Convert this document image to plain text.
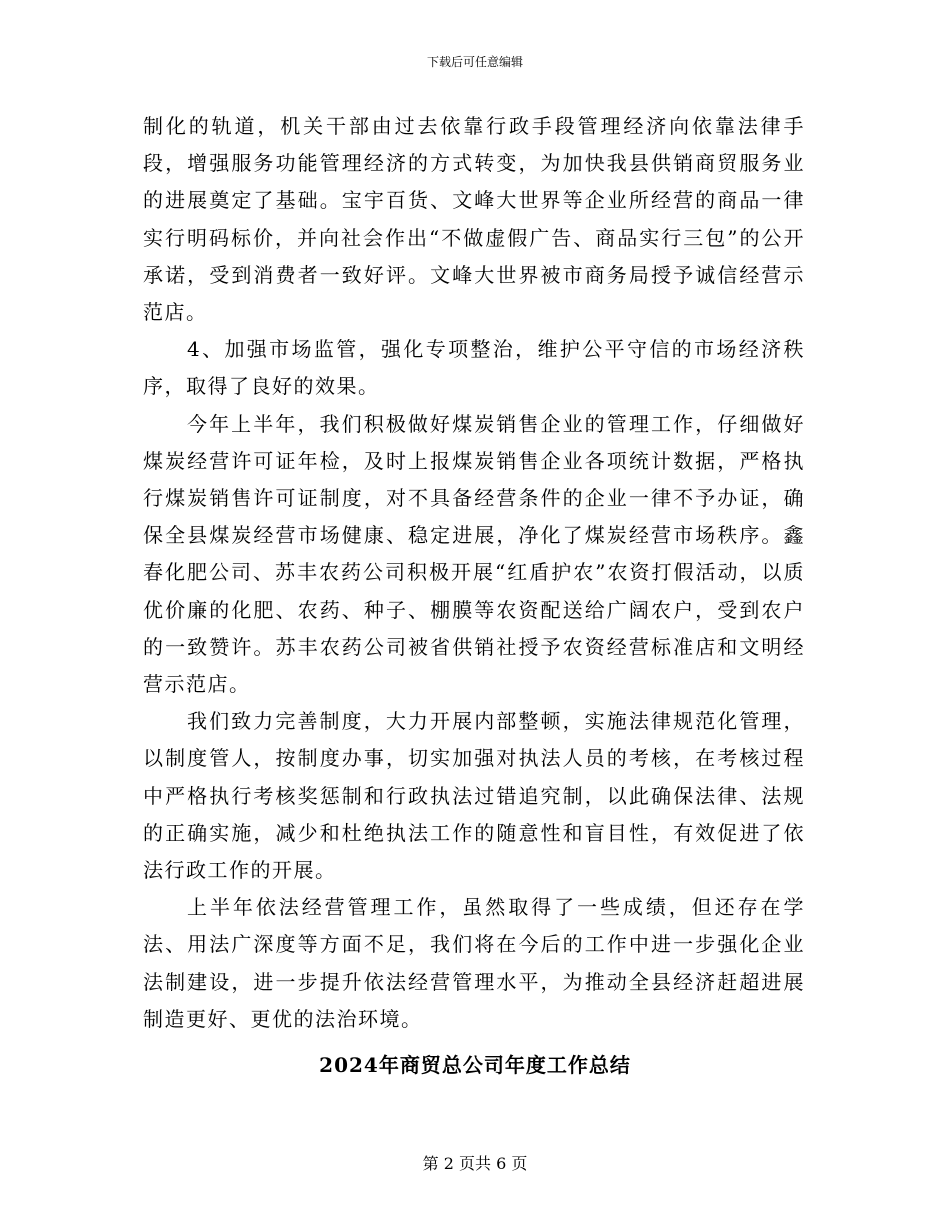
下载后可任意编辑

制化的轨道，机关干部由过去依靠行政手段管理经济向依靠法律手段，增强服务功能管理经济的方式转变，为加快我县供销商贸服务业的进展奠定了基础。宝宇百货、文峰大世界等企业所经营的商品一律实行明码标价，并向社会作出“不做虚假广告、商品实行三包”的公开承诺，受到消费者一致好评。文峰大世界被市商务局授予诚信经营示范店。

4、加强市场监管，强化专项整治，维护公平守信的市场经济秩序，取得了良好的效果。

今年上半年，我们积极做好煤炭销售企业的管理工作，仔细做好煤炭经营许可证年检，及时上报煤炭销售企业各项统计数据，严格执行煤炭销售许可证制度，对不具备经营条件的企业一律不予办证，确保全县煤炭经营市场健康、稳定进展，净化了煤炭经营市场秩序。鑫春化肥公司、苏丰农药公司积极开展“红盾护农”农资打假活动，以质优价廉的化肥、农药、种子、棚膜等农资配送给广阔农户，受到农户的一致赞许。苏丰农药公司被省供销社授予农资经营标准店和文明经营示范店。

我们致力完善制度，大力开展内部整顿，实施法律规范化管理，以制度管人，按制度办事，切实加强对执法人员的考核，在考核过程中严格执行考核奖惩制和行政执法过错追究制，以此确保法律、法规的正确实施，减少和杜绝执法工作的随意性和盲目性，有效促进了依法行政工作的开展。

上半年依法经营管理工作，虽然取得了一些成绩，但还存在学法、用法广深度等方面不足，我们将在今后的工作中进一步强化企业法制建设，进一步提升依法经营管理水平，为推动全县经济赶超进展制造更好、更优的法治环境。

2024年商贸总公司年度工作总结
第 2 页共 6 页
